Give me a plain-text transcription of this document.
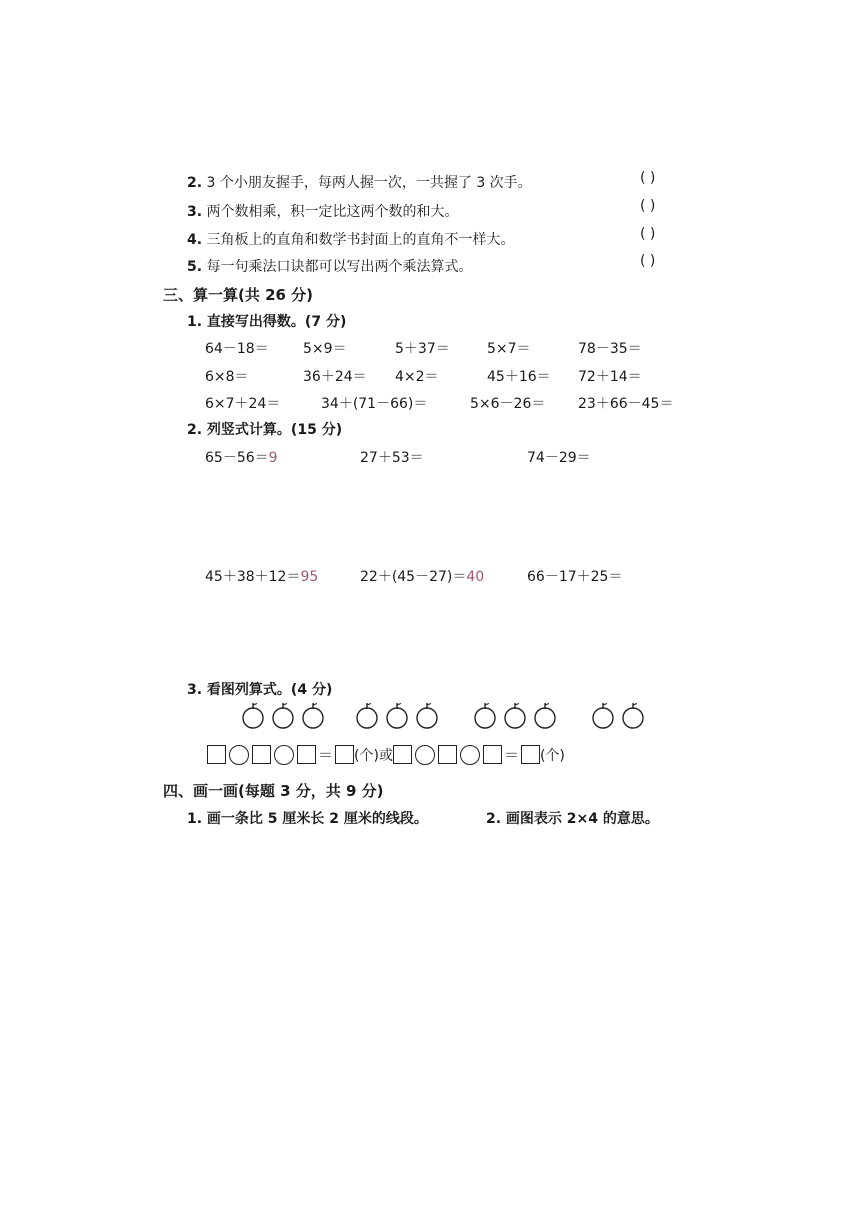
2. 3 个小朋友握手，每两人握一次，一共握了 3 次手。	( )
3. 两个数相乘，积一定比这两个数的和大。	( )
4. 三角板上的直角和数学书封面上的直角不一样大。	( )
5. 每一句乘法口诀都可以写出两个乘法算式。	( )
三、算一算(共 26 分)
1. 直接写出得数。(7 分)
64－18＝ 5×9＝	5＋37＝	5×7＝	78－35＝
6×8＝	36＋24＝ 4×2＝	45＋16＝ 72＋14＝
6×7＋24＝	34＋(71－66)＝	5×6－26＝ 23＋66－45＝
2. 列竖式计算。(15 分)
65－56＝9	27＋53＝	74－29＝
45＋38＋12＝95	22＋(45－27)＝40	66－17＋25＝
3. 看图列算式。(4 分)
＝ (个) 或	＝ (个)
四、画一画(每题 3 分，共 9 分)
1. 画一条比 5 厘米长 2 厘米的线段。	2. 画图表示 2×4 的意思。
